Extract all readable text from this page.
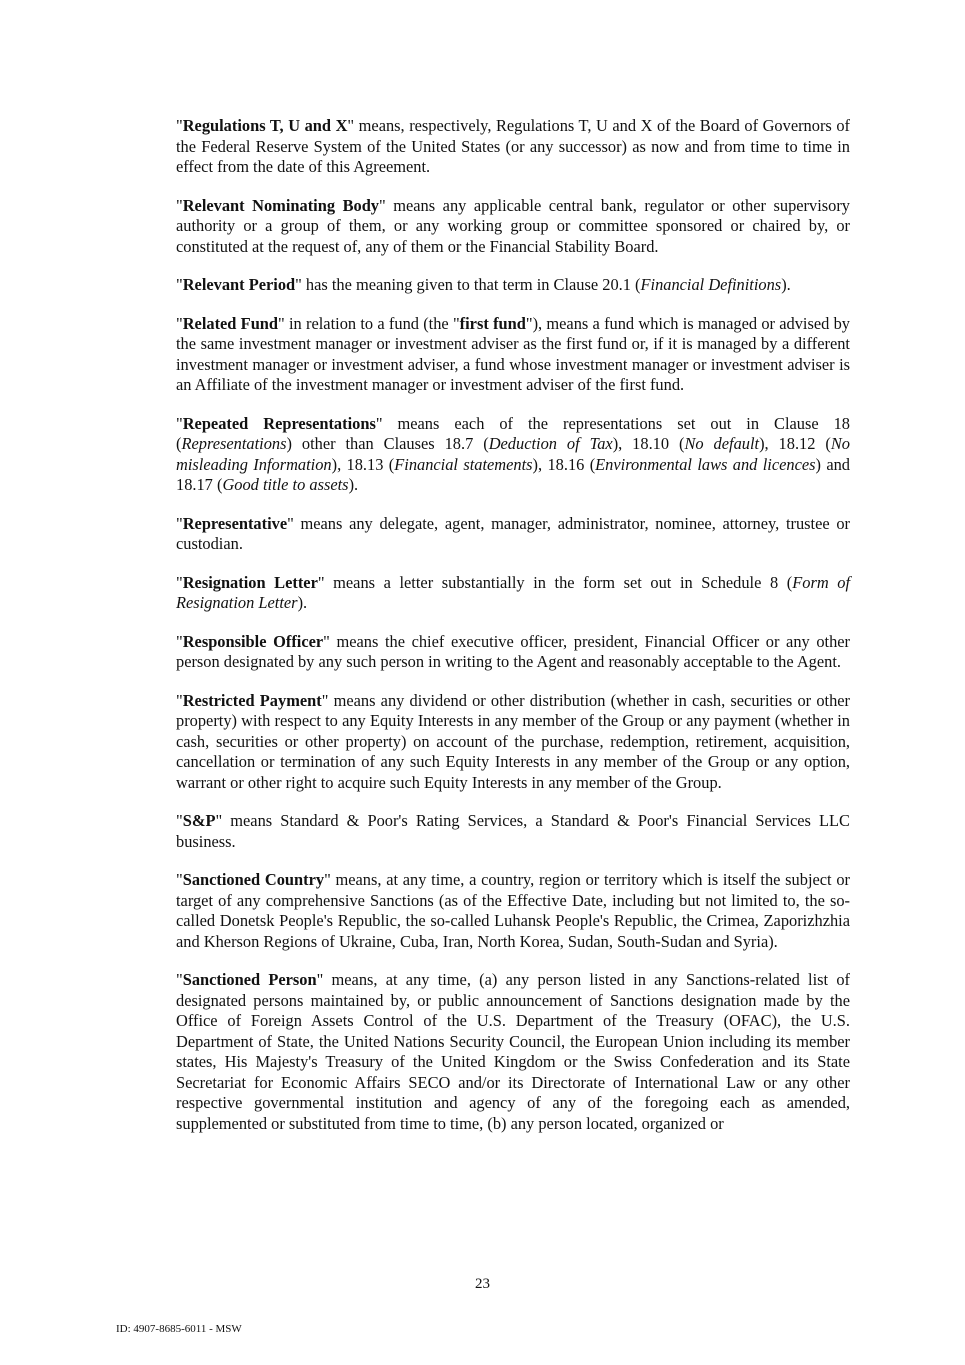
"Regulations T, U and X" means, respectively, Regulations T, U and X of the Board of Governors of the Federal Reserve System of the United States (or any successor) as now and from time to time in effect from the date of this Agreement.

"Relevant Nominating Body" means any applicable central bank, regulator or other supervisory authority or a group of them, or any working group or committee sponsored or chaired by, or constituted at the request of, any of them or the Financial Stability Board.

"Relevant Period" has the meaning given to that term in Clause 20.1 (Financial Definitions).

"Related Fund" in relation to a fund (the "first fund"), means a fund which is managed or advised by the same investment manager or investment adviser as the first fund or, if it is managed by a different investment manager or investment adviser, a fund whose investment manager or investment adviser is an Affiliate of the investment manager or investment adviser of the first fund.

"Repeated Representations" means each of the representations set out in Clause 18 (Representations) other than Clauses 18.7 (Deduction of Tax), 18.10 (No default), 18.12 (No misleading Information), 18.13 (Financial statements), 18.16 (Environmental laws and licences) and 18.17 (Good title to assets).

"Representative" means any delegate, agent, manager, administrator, nominee, attorney, trustee or custodian.

"Resignation Letter" means a letter substantially in the form set out in Schedule 8 (Form of Resignation Letter).

"Responsible Officer" means the chief executive officer, president, Financial Officer or any other person designated by any such person in writing to the Agent and reasonably acceptable to the Agent.

"Restricted Payment" means any dividend or other distribution (whether in cash, securities or other property) with respect to any Equity Interests in any member of the Group or any payment (whether in cash, securities or other property) on account of the purchase, redemption, retirement, acquisition, cancellation or termination of any such Equity Interests in any member of the Group or any option, warrant or other right to acquire such Equity Interests in any member of the Group.

"S&P" means Standard & Poor's Rating Services, a Standard & Poor's Financial Services LLC business.

"Sanctioned Country" means, at any time, a country, region or territory which is itself the subject or target of any comprehensive Sanctions (as of the Effective Date, including but not limited to, the so-called Donetsk People's Republic, the so-called Luhansk People's Republic, the Crimea, Zaporizhzhia and Kherson Regions of Ukraine, Cuba, Iran, North Korea, Sudan, South-Sudan and Syria).

"Sanctioned Person" means, at any time, (a) any person listed in any Sanctions-related list of designated persons maintained by, or public announcement of Sanctions designation made by the Office of Foreign Assets Control of the U.S. Department of the Treasury (OFAC), the U.S. Department of State, the United Nations Security Council, the European Union including its member states, His Majesty's Treasury of the United Kingdom or the Swiss Confederation and its State Secretariat for Economic Affairs SECO and/or its Directorate of International Law or any other respective governmental institution and agency of any of the foregoing each as amended, supplemented or substituted from time to time, (b) any person located, organized or

23
ID: 4907-8685-6011 - MSW
